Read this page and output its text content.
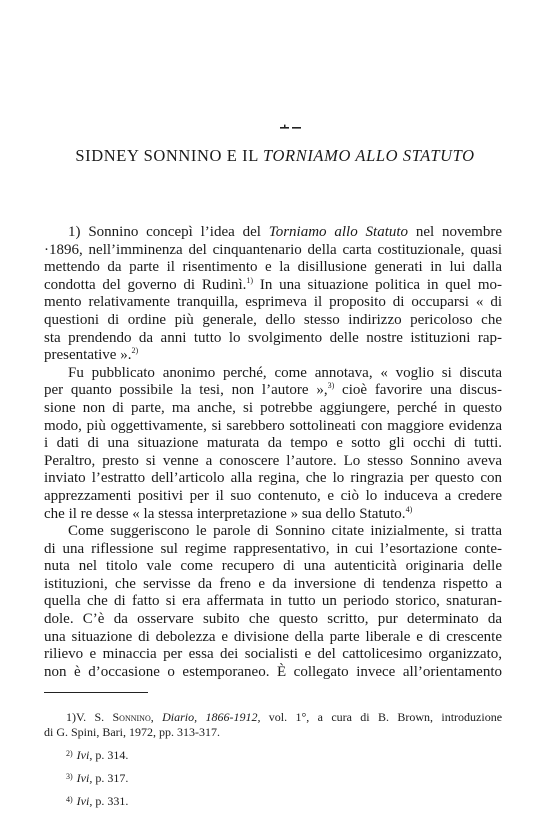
SIDNEY SONNINO E IL TORNIAMO ALLO STATUTO
1) Sonnino concepì l’idea del Torniamo allo Statuto nel novembre
·1896, nell’imminenza del cinquantenario della carta costituzionale, quasi
mettendo da parte il risentimento e la disillusione generati in lui dalla
condotta del governo di Rudinì.$^{1)}$ In una situazione politica in quel mo-
mento relativamente tranquilla, esprimeva il proposito di occuparsi « di
questioni di ordine più generale, dello stesso indirizzo pericoloso che
sta prendendo da anni tutto lo svolgimento delle nostre istituzioni rap-
presentative ».$^{2)}$
Fu pubblicato anonimo perché, come annotava, « voglio si discuta
per quanto possibile la tesi, non l’autore »,$^{3)}$ cioè favorire una discus-
sione non di parte, ma anche, si potrebbe aggiungere, perché in questo
modo, più oggettivamente, si sarebbero sottolineati con maggiore evidenza
i dati di una situazione maturata da tempo e sotto gli occhi di tutti.
Peraltro, presto si venne a conoscere l’autore. Lo stesso Sonnino aveva
inviato l’estratto dell’articolo alla regina, che lo ringrazia per questo con
apprezzamenti positivi per il suo contenuto, e ciò lo induceva a credere
che il re desse « la stessa interpretazione » sua dello Statuto.$^{4)}$
Come suggeriscono le parole di Sonnino citate inizialmente, si tratta
di una riflessione sul regime rappresentativo, in cui l’esortazione conte-
nuta nel titolo vale come recupero di una autenticità originaria delle
istituzioni, che servisse da freno e da inversione di tendenza rispetto a
quella che di fatto si era affermata in tutto un periodo storico, snaturan-
dole. C’è da osservare subito che questo scritto, pur determinato da
una situazione di debolezza e divisione della parte liberale e di crescente
rilievo e minaccia per essa dei socialisti e del cattolicesimo organizzato,
non è d’occasione o estemporaneo. È collegato invece all’orientamento
1)V. S. Sonnino, Diario, 1866-1912, vol. 1°, a cura di B. Brown, introduzione
di G. Spini, Bari, 1972, pp. 313-317.
$^{2)}$ Ivi, p. 314.
$^{3)}$ Ivi, p. 317.
$^{4)}$ Ivi, p. 331.
